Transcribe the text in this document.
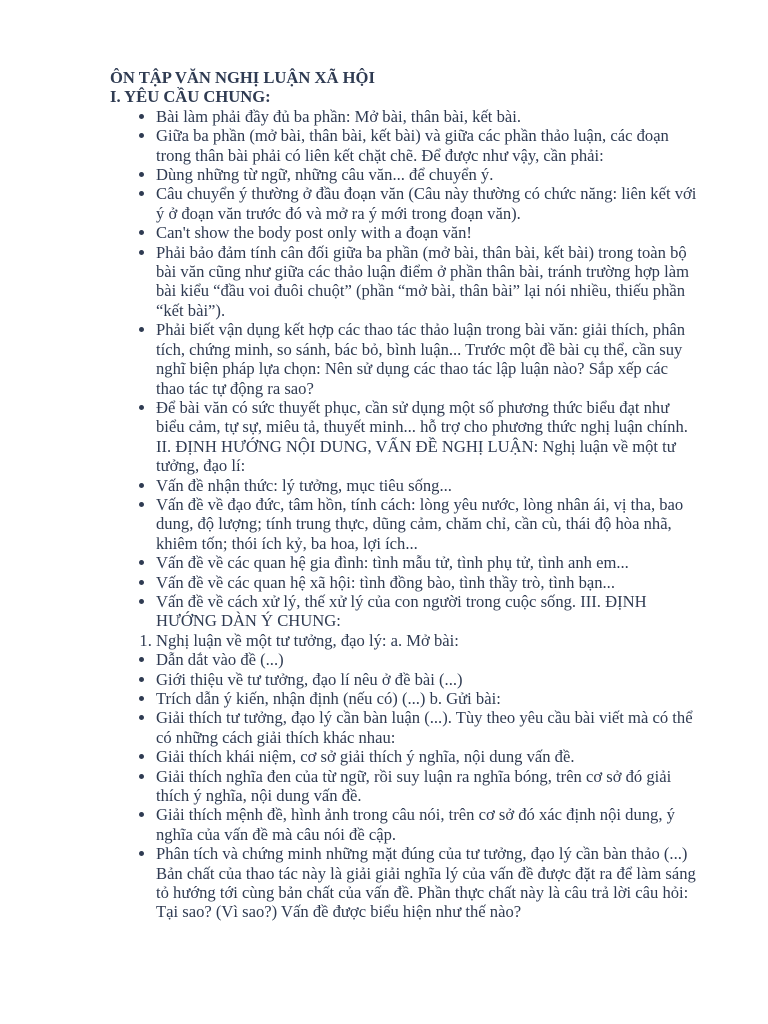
ÔN TẬP VĂN NGHỊ LUẬN XÃ HỘI

I. YÊU CẦU CHUNG:

• Bài làm phải đầy đủ ba phần: Mở bài, thân bài, kết bài.
• Giữa ba phần (mở bài, thân bài, kết bài) và giữa các phần thảo luận, các đoạn trong thân bài phải có liên kết chặt chẽ. Để được như vậy, cần phải:
• Dùng những từ ngữ, những câu văn... để chuyển ý.
• Câu chuyển ý thường ở đầu đoạn văn (Câu này thường có chức năng: liên kết với ý ở đoạn văn trước đó và mở ra ý mới trong đoạn văn).
• Can't show the body post only with a đoạn văn!
• Phải bảo đảm tính cân đối giữa ba phần (mở bài, thân bài, kết bài) trong toàn bộ bài văn cũng như giữa các thảo luận điểm ở phần thân bài, tránh trường hợp làm bài kiểu “đầu voi đuôi chuột” (phần “mở bài, thân bài” lại nói nhiều, thiếu phần “kết bài”).
• Phải biết vận dụng kết hợp các thao tác thảo luận trong bài văn: giải thích, phân tích, chứng minh, so sánh, bác bỏ, bình luận... Trước một đề bài cụ thể, cần suy nghĩ biện pháp lựa chọn: Nên sử dụng các thao tác lập luận nào? Sắp xếp các thao tác tự động ra sao?
• Để bài văn có sức thuyết phục, cần sử dụng một số phương thức biểu đạt như biểu cảm, tự sự, miêu tả, thuyết minh... hỗ trợ cho phương thức nghị luận chính. II. ĐỊNH HƯỚNG NỘI DUNG, VẤN ĐỀ NGHỊ LUẬN: Nghị luận về một tư tưởng, đạo lí:
• Vấn đề nhận thức: lý tưởng, mục tiêu sống...
• Vấn đề về đạo đức, tâm hồn, tính cách: lòng yêu nước, lòng nhân ái, vị tha, bao dung, độ lượng; tính trung thực, dũng cảm, chăm chỉ, cần cù, thái độ hòa nhã, khiêm tốn; thói ích kỷ, ba hoa, lợi ích...
• Vấn đề về các quan hệ gia đình: tình mẫu tử, tình phụ tử, tình anh em...
• Vấn đề về các quan hệ xã hội: tình đồng bào, tình thầy trò, tình bạn...
• Vấn đề về cách xử lý, thế xử lý của con người trong cuộc sống. III. ĐỊNH HƯỚNG DÀN Ý CHUNG:
1. Nghị luận về một tư tưởng, đạo lý: a. Mở bài:
• Dẫn dắt vào đề (...)
• Giới thiệu về tư tưởng, đạo lí nêu ở đề bài (...)
• Trích dẫn ý kiến, nhận định (nếu có) (...) b. Gửi bài:
• Giải thích tư tưởng, đạo lý cần bàn luận (...). Tùy theo yêu cầu bài viết mà có thể có những cách giải thích khác nhau:
• Giải thích khái niệm, cơ sở giải thích ý nghĩa, nội dung vấn đề.
• Giải thích nghĩa đen của từ ngữ, rồi suy luận ra nghĩa bóng, trên cơ sở đó giải thích ý nghĩa, nội dung vấn đề.
• Giải thích mệnh đề, hình ảnh trong câu nói, trên cơ sở đó xác định nội dung, ý nghĩa của vấn đề mà câu nói đề cập.
• Phân tích và chứng minh những mặt đúng của tư tưởng, đạo lý cần bàn thảo (...) Bản chất của thao tác này là giải giải nghĩa lý của vấn đề được đặt ra để làm sáng tỏ hướng tới cùng bản chất của vấn đề. Phần thực chất này là câu trả lời câu hỏi: Tại sao? (Vì sao?) Vấn đề được biểu hiện như thế nào?
